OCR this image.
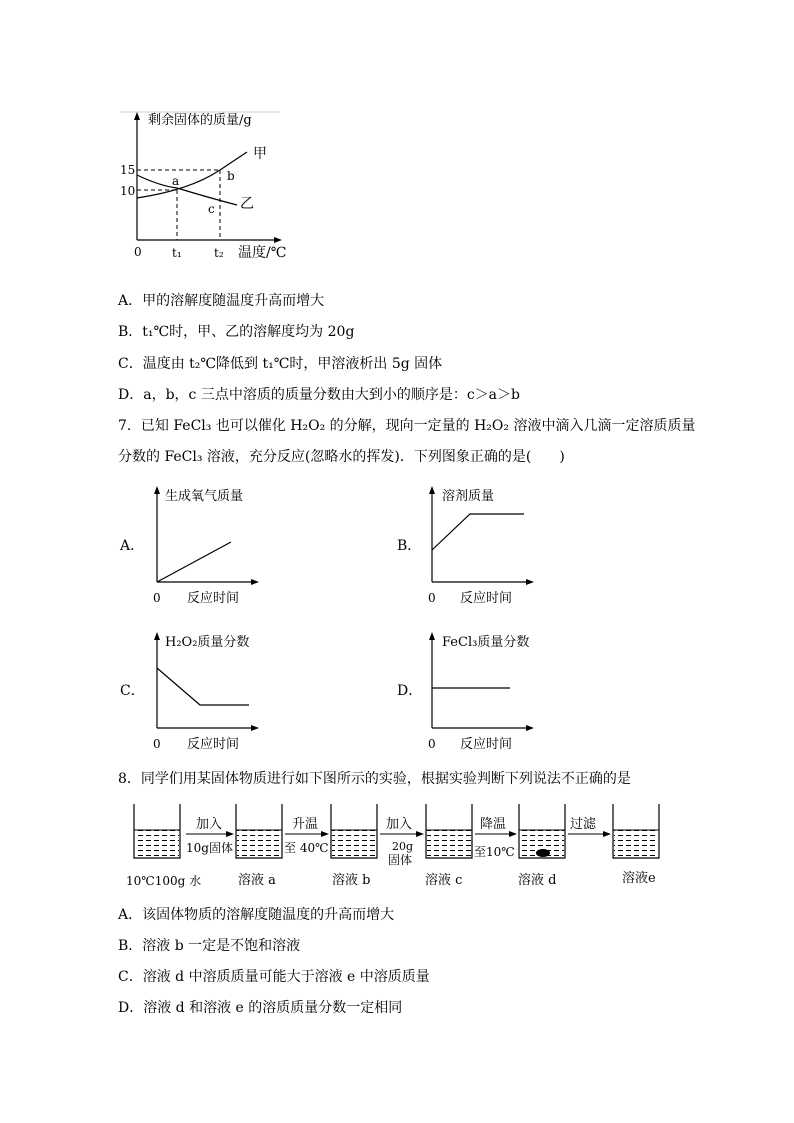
剩余固体的质量/g
15
10
0	t₁	t₂ 温度/℃
甲
乙
a	b
c
A．甲的溶解度随温度升高而增大
B．t₁℃时，甲、乙的溶解度均为 20g
C．温度由 t₂℃降低到 t₁℃时，甲溶液析出 5g 固体
D．a，b，c 三点中溶质的质量分数由大到小的顺序是：c＞a＞b
7．已知 FeCl₃ 也可以催化 H₂O₂ 的分解，现向一定量的 H₂O₂ 溶液中滴入几滴一定溶质质量
分数的 FeCl₃ 溶液，充分反应(忽略水的挥发)．下列图象正确的是(　　)
A．
生成氧气质量
0 反应时间
B．
溶剂质量
0 反应时间
C．
H₂O₂质量分数
0 反应时间
D．
FeCl₃质量分数
0 反应时间
8．同学们用某固体物质进行如下图所示的实验，根据实验判断下列说法不正确的是
加入
10g固体
升温
至 40℃
加入
20g
固体
降温
至10℃
过滤
10℃100g 水	溶液 a	溶液 b	溶液 c	溶液 d	溶液e
A．该固体物质的溶解度随温度的升高而增大
B．溶液 b 一定是不饱和溶液
C．溶液 d 中溶质质量可能大于溶液 e 中溶质质量
D．溶液 d 和溶液 e 的溶质质量分数一定相同
